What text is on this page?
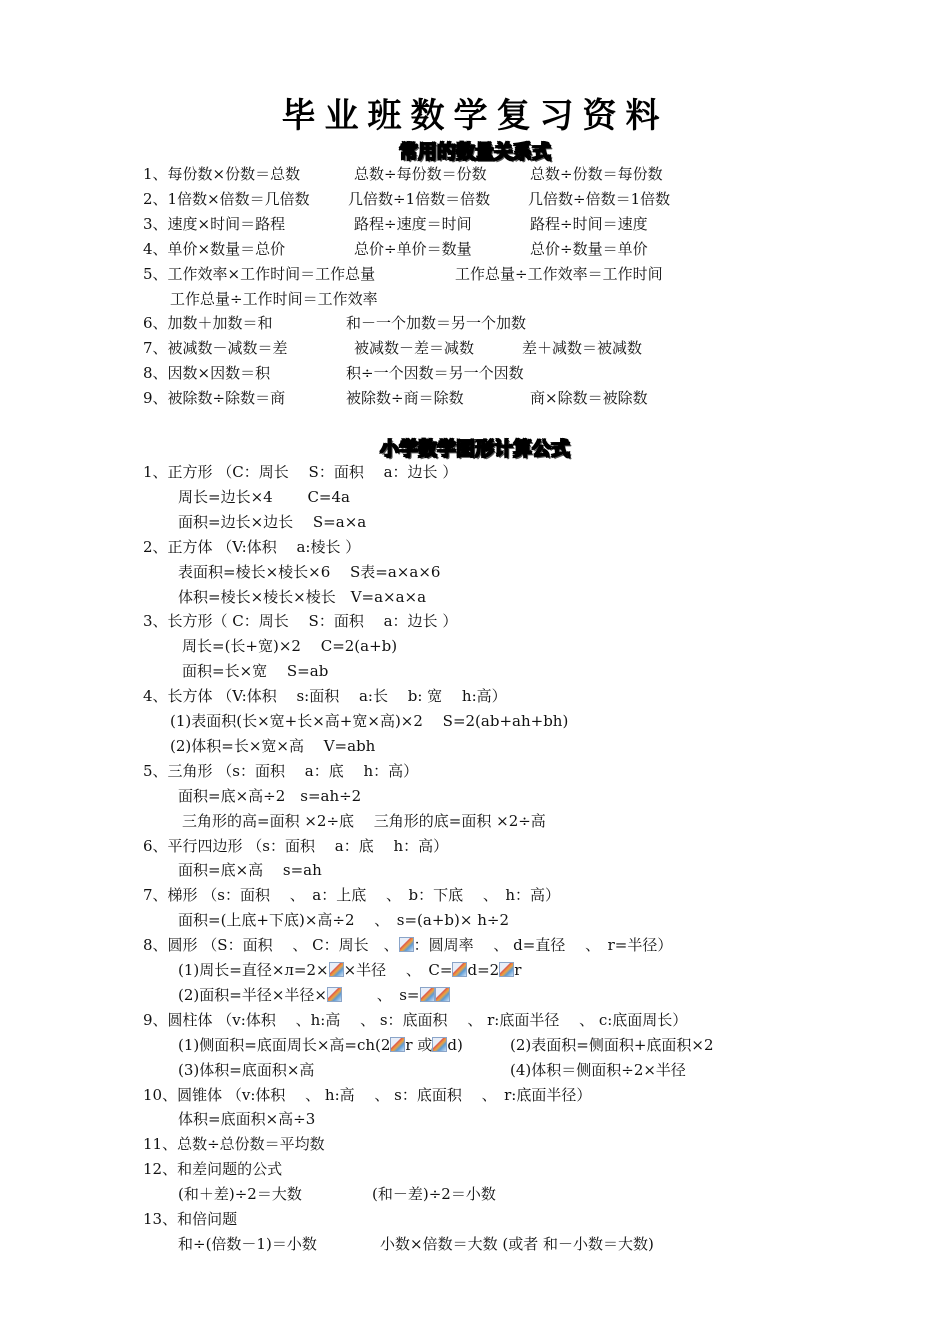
毕业班数学复习资料
常用的数量关系式
1、每份数×份数＝总数	总数÷每份数＝份数	总数÷份数＝每份数
2、1倍数×倍数＝几倍数	几倍数÷1倍数＝倍数	几倍数÷倍数＝1倍数
3、速度×时间＝路程	路程÷速度＝时间	路程÷时间＝速度
4、单价×数量＝总价	总价÷单价＝数量	总价÷数量＝单价
5、工作效率×工作时间＝工作总量	工作总量÷工作效率＝工作时间
工作总量÷工作时间＝工作效率
6、加数＋加数＝和	和－一个加数＝另一个加数
7、被减数－减数＝差	被减数－差＝减数	差＋减数＝被减数
8、因数×因数＝积	积÷一个因数＝另一个因数
9、被除数÷除数＝商	被除数÷商＝除数	商×除数＝被除数
小学数学图形计算公式
1、正方形 （C：周长　 S：面积　 a：边长 ）
周长=边长×4　　 C=4a
面积=边长×边长　 S=a×a
2、正方体 （V:体积　 a:棱长 ）
表面积=棱长×棱长×6　 S表=a×a×6
体积=棱长×棱长×棱长　V=a×a×a
3、长方形（ C：周长　 S：面积　 a：边长 ）
周长=(长+宽)×2　 C=2(a+b)
面积=长×宽　 S=ab
4、长方体 （V:体积　 s:面积　 a:长　 b: 宽　 h:高）
(1)表面积(长×宽+长×高+宽×高)×2　 S=2(ab+ah+bh)
(2)体积=长×宽×高　 V=abh
5、三角形 （s：面积　 a：底　 h：高）
面积=底×高÷2　s=ah÷2
三角形的高=面积 ×2÷底　 三角形的底=面积 ×2÷高
6、平行四边形 （s：面积　 a：底　 h：高）
面积=底×高　 s=ah
7、梯形 （s：面积　 、　a：上底　 、　b：下底　 、　h：高）
面积=(上底+下底)×高÷2　 、　s=(a+b)× h÷2
8、圆形 （S：面积　 、 C：周长　、 ：圆周率　 、 d=直径　 、　r=半径）
(1)周长=直径×л=2× ×半径　 、　C= d=2 r
(2)面积=半径×半径×　　 、　s=
9、圆柱体 （v:体积　 、h:高　 、 s：底面积　 、 r:底面半径　 、 c:底面周长）
(1)侧面积=底面周长×高=ch(2 r 或 d)	(2)表面积=侧面积+底面积×2
(3)体积=底面积×高	(4)体积＝侧面积÷2×半径
10、圆锥体 （v:体积　 、 h:高　 、 s：底面积　 、　r:底面半径）
体积=底面积×高÷3
11、总数÷总份数＝平均数
12、和差问题的公式
(和＋差)÷2＝大数	(和－差)÷2＝小数
13、和倍问题
和÷(倍数－1)＝小数	小数×倍数＝大数 (或者 和－小数＝大数)
